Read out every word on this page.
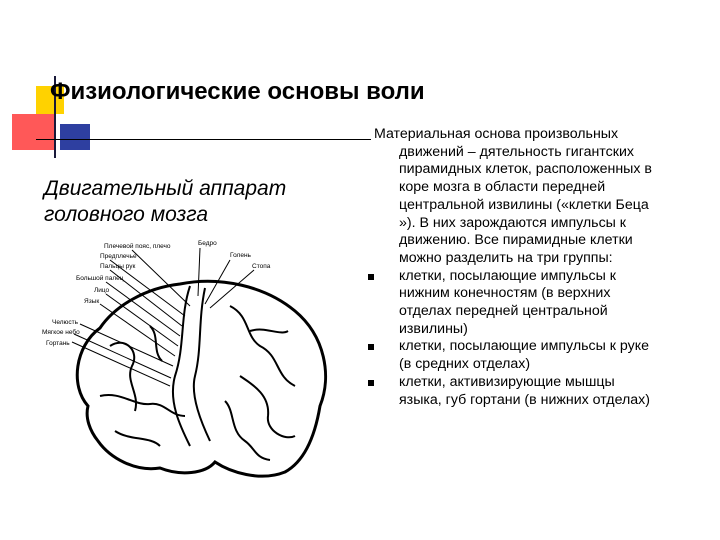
Физиологические основы воли
Двигательный аппарат головного мозга
Плечевой пояс, плечо	Бедро
Предплечье	Голень
Пальцы рук	Стопа
Большой палец
Лицо
Язык
Челюсть
Мягкое небо
Гортань

Материальная основа произвольных
движений – дятельность гигантских пирамидных клеток, расположенных в коре мозга в области передней центральной извилины («клетки Беца »). В них зарождаются импульсы к движению. Все пирамидные клетки можно разделить на три группы:

клетки, посылающие импульсы к нижним конечностям (в верхних отделах передней центральной извилины)
клетки, посылающие импульсы к руке (в средних отделах)
клетки, активизирующие мышцы языка, губ гортани (в нижних отделах)
